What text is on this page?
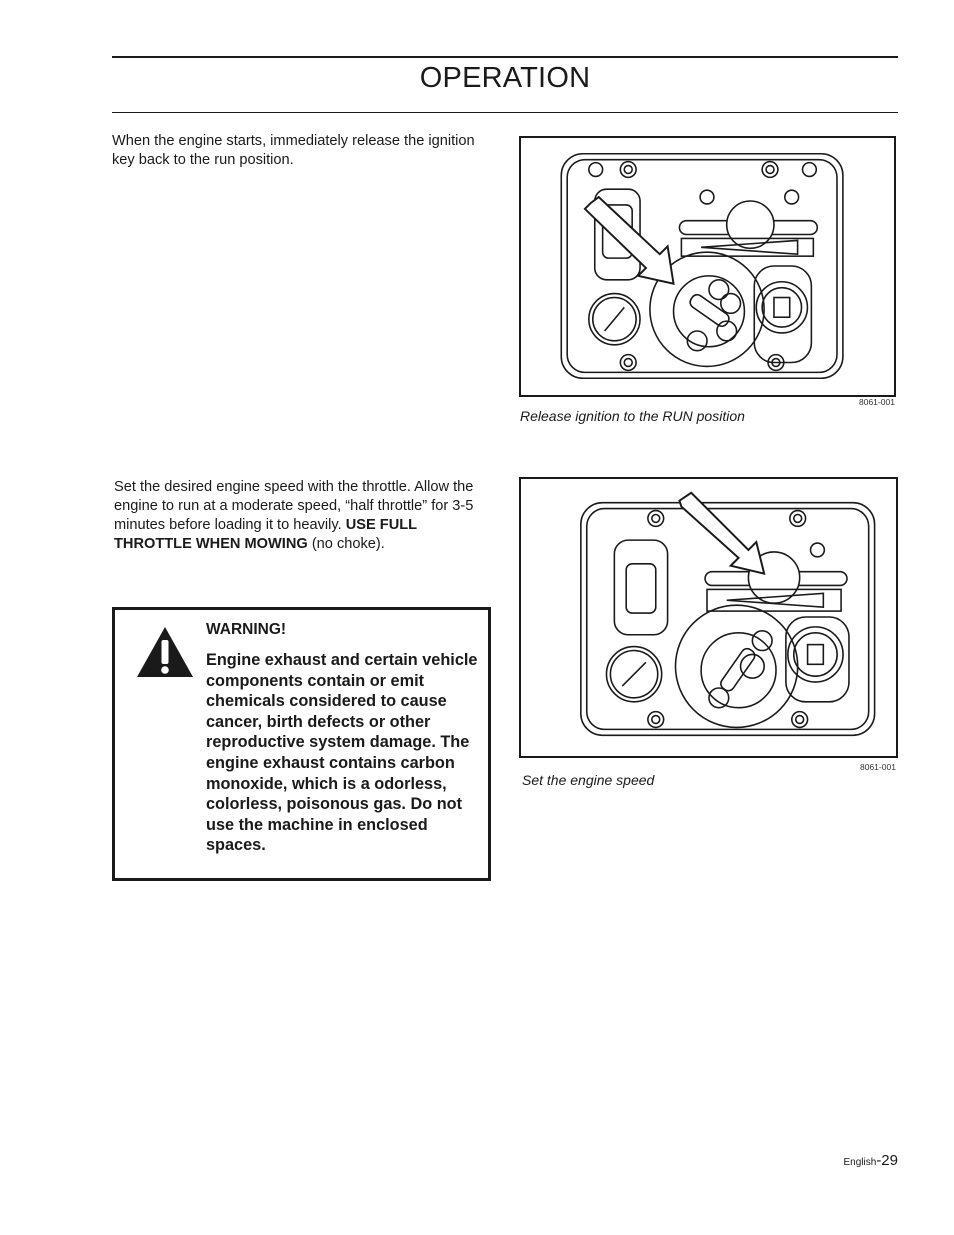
OPERATION

When the engine starts, immediately release the ignition key back to the run position.

8061-001
Release ignition to the RUN position

Set the desired engine speed with the throttle. Allow the engine to run at a moderate speed, “half throttle” for 3-5 minutes before loading it to heavily. USE FULL THROTTLE WHEN MOWING (no choke).

8061-001
Set the engine speed
WARNING!

Engine exhaust and certain vehicle components contain or emit chemicals considered to cause cancer, birth defects or other reproductive system damage. The engine exhaust contains carbon monoxide, which is a odorless, colorless, poisonous gas. Do not use the machine in enclosed spaces.

English-29
